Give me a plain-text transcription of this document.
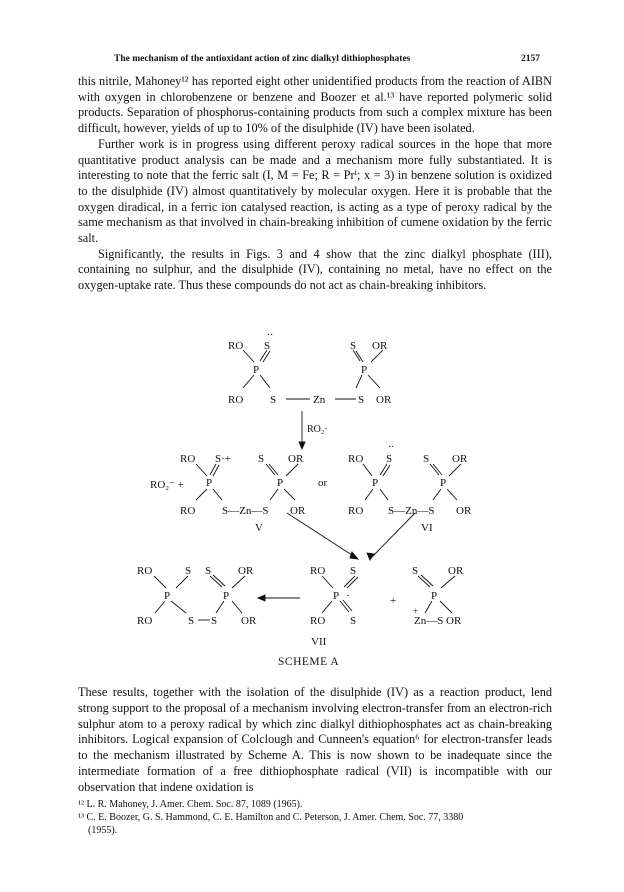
The mechanism of the antioxidant action of zinc dialkyl dithiophosphates	2157

this nitrile, Mahoney¹² has reported eight other unidentified products from the reaction of AIBN with oxygen in chlorobenzene or benzene and Boozer et al.¹³ have reported polymeric solid products. Separation of phosphorus-containing products from such a complex mixture has been difficult, however, yields of up to 10% of the disulphide (IV) have been isolated.

Further work is in progress using different peroxy radical sources in the hope that more quantitative product analysis can be made and a mechanism more fully substantiated. It is interesting to note that the ferric salt (I, M = Fe; R = Prⁱ; x = 3) in benzene solution is oxidized to the disulphide (IV) almost quantitatively by molecular oxygen. Here it is probable that the oxygen diradical, in a ferric ion catalysed reaction, is acting as a type of peroxy radical by the same mechanism as that involved in chain-breaking inhibition of cumene oxidation by the ferric salt.

Significantly, the results in Figs. 3 and 4 show that the zinc dialkyl phosphate (III), containing no sulphur, and the disulphide (IV), containing no metal, have no effect on the oxygen-uptake rate. Thus these compounds do not act as chain-breaking inhibitors.

RO S
· ·
P
RO S	Zn	S
S OR
P
OR
RO₂·
RO S·+ S OR
RO₂⁻ + P	P
RO S—Zn—S OR
V
or
RO S
· ·
S OR
P	P
RO S—Zn—S OR
VI
RO	S S OR
P	P
RO	S S OR
RO S
P ·
RO S
VII
+
S	OR
P
+
Zn—S OR
SCHEME A

These results, together with the isolation of the disulphide (IV) as a reaction product, lend strong support to the proposal of a mechanism involving electron-transfer from an electron-rich sulphur atom to a peroxy radical by which zinc dialkyl dithiophosphates act as chain-breaking inhibitors. Logical expansion of Colclough and Cunneen's equation⁶ for electron-transfer leads to the mechanism illustrated by Scheme A. This is now shown to be inadequate since the intermediate formation of a free dithiophosphate radical (VII) is incompatible with our observation that indene oxidation is

¹² L. R. Mahoney, J. Amer. Chem. Soc. 87, 1089 (1965).
¹³ C. E. Boozer, G. S. Hammond, C. E. Hamilton and C. Peterson, J. Amer. Chem. Soc. 77, 3380
(1955).
